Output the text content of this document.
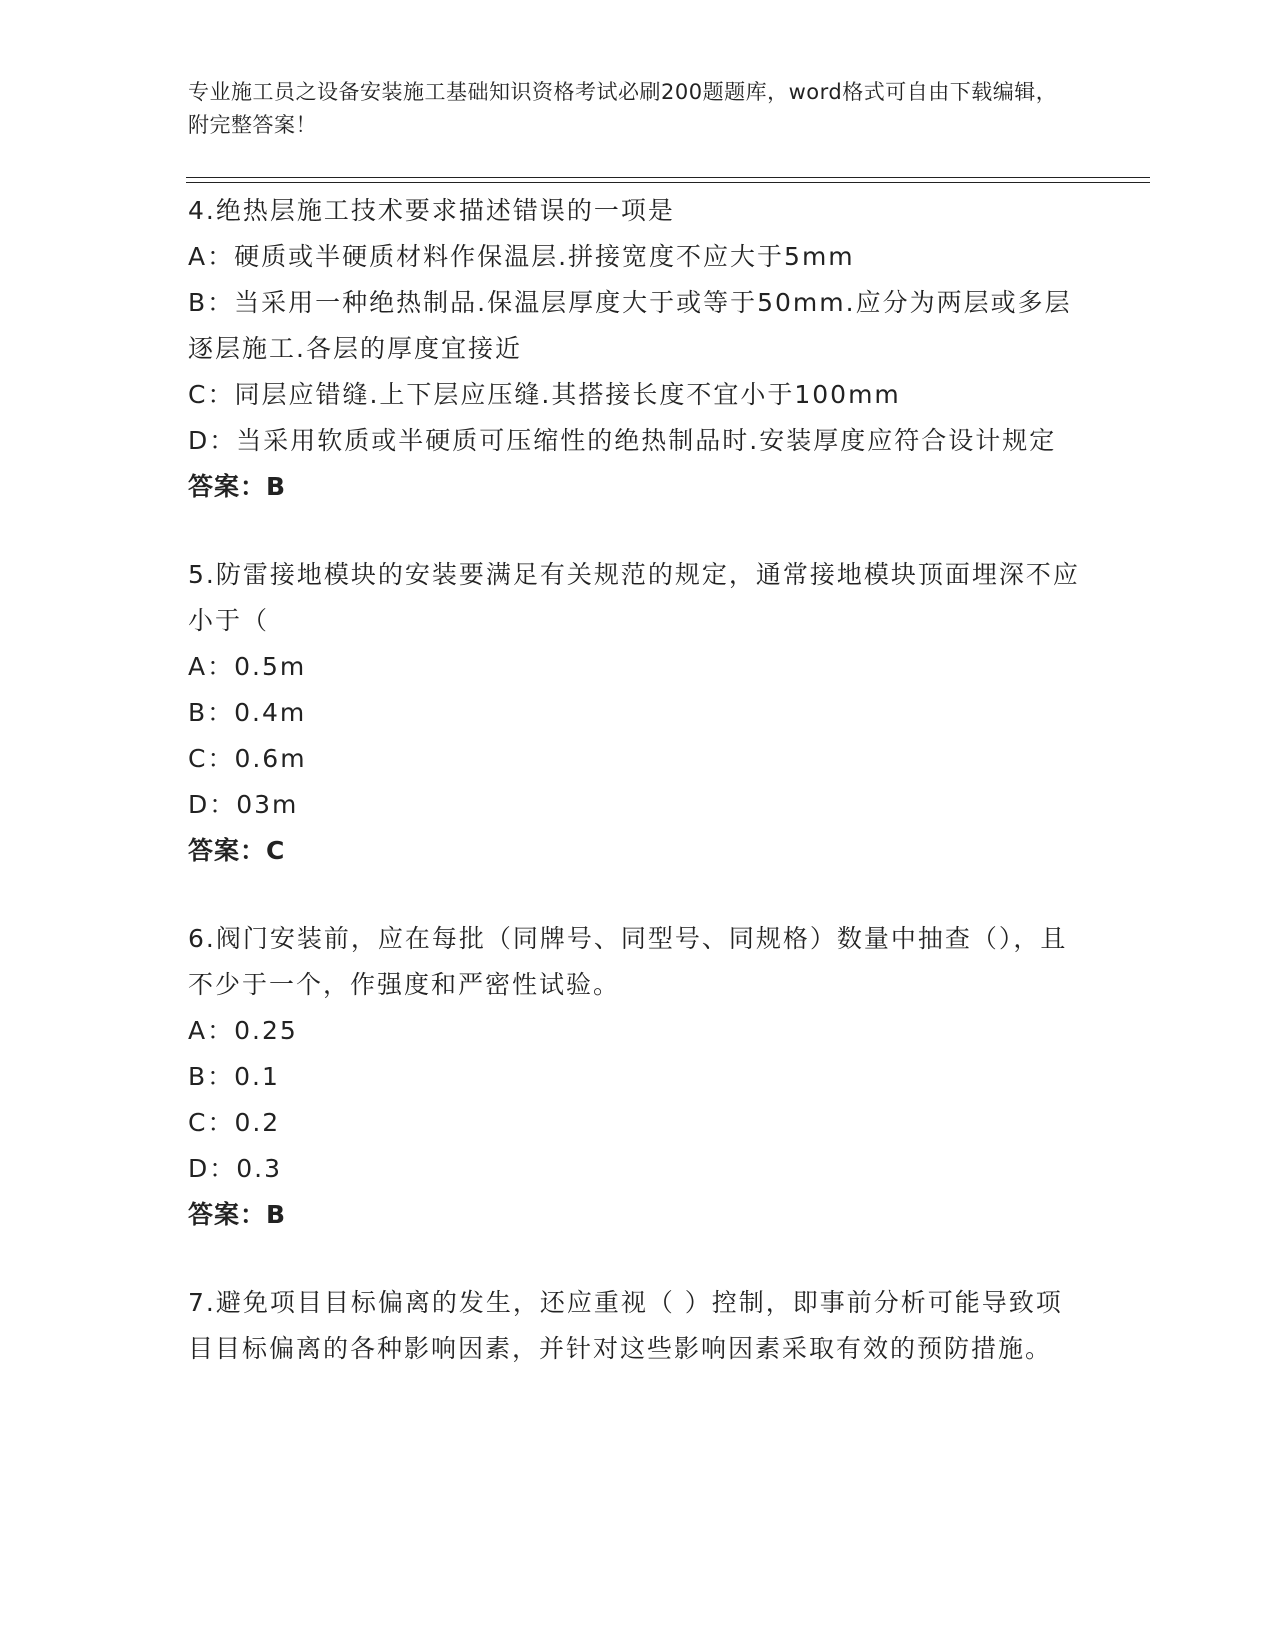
专业施工员之设备安装施工基础知识资格考试必刷200题题库，word格式可自由下载编辑，附完整答案！
4.绝热层施工技术要求描述错误的一项是
A：硬质或半硬质材料作保温层.拼接宽度不应大于5mm
B：当采用一种绝热制品.保温层厚度大于或等于50mm.应分为两层或多层逐层施工.各层的厚度宜接近
C：同层应错缝.上下层应压缝.其搭接长度不宜小于100mm
D：当采用软质或半硬质可压缩性的绝热制品时.安装厚度应符合设计规定
答案：B
5.防雷接地模块的安装要满足有关规范的规定，通常接地模块顶面埋深不应小于（
A：0.5m
B：0.4m
C：0.6m
D：03m
答案：C
6.阀门安装前，应在每批（同牌号、同型号、同规格）数量中抽查（），且不少于一个，作强度和严密性试验。
A：0.25
B：0.1
C：0.2
D：0.3
答案：B
7.避免项目目标偏离的发生，还应重视（ ）控制，即事前分析可能导致项目目标偏离的各种影响因素，并针对这些影响因素采取有效的预防措施。
